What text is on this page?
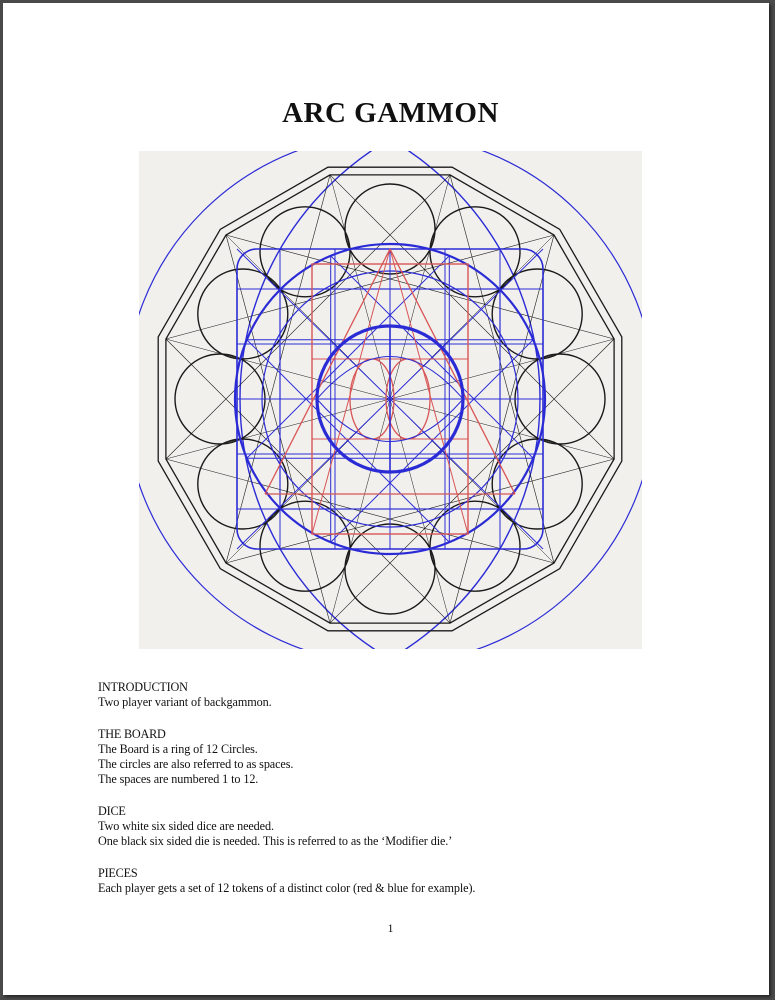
ARC GAMMON
INTRODUCTION
Two player variant of backgammon.
THE BOARD
The Board is a ring of 12 Circles.
The circles are also referred to as spaces.
The spaces are numbered 1 to 12.
DICE
Two white six sided dice are needed.
One black six sided die is needed. This is referred to as the ‘Modifier die.’
PIECES
Each player gets a set of 12 tokens of a distinct color (red & blue for example).
1
